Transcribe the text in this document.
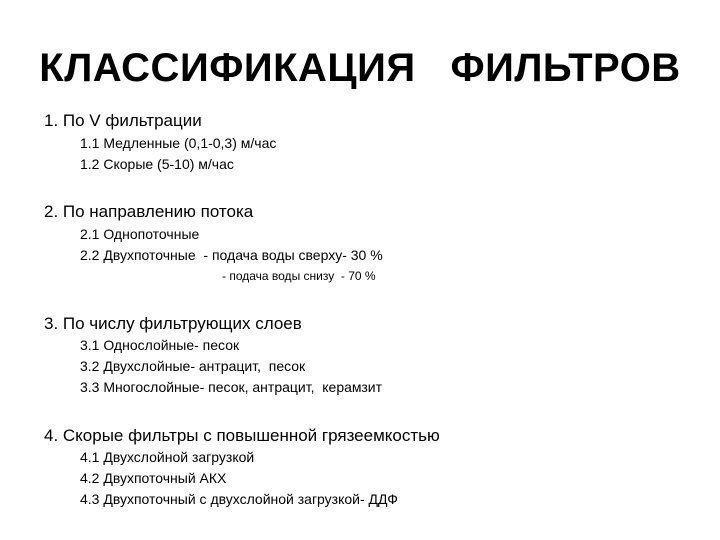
КЛАССИФИКАЦИЯ   ФИЛЬТРОВ
1. По V фильтрации
1.1 Медленные (0,1-0,3) м/час
1.2 Скорые (5-10) м/час
2. По направлению потока
2.1 Однопоточные
2.2 Двухпоточные  - подача воды сверху- 30 %
- подача воды снизу  - 70 %
3. По числу фильтрующих слоев
3.1 Однослойные- песок
3.2 Двухслойные- антрацит,  песок
3.3 Многослойные- песок, антрацит,  керамзит
4. Скорые фильтры с повышенной грязеемкостью
4.1 Двухслойной загрузкой
4.2 Двухпоточный АКХ
4.3 Двухпоточный с двухслойной загрузкой- ДДФ
